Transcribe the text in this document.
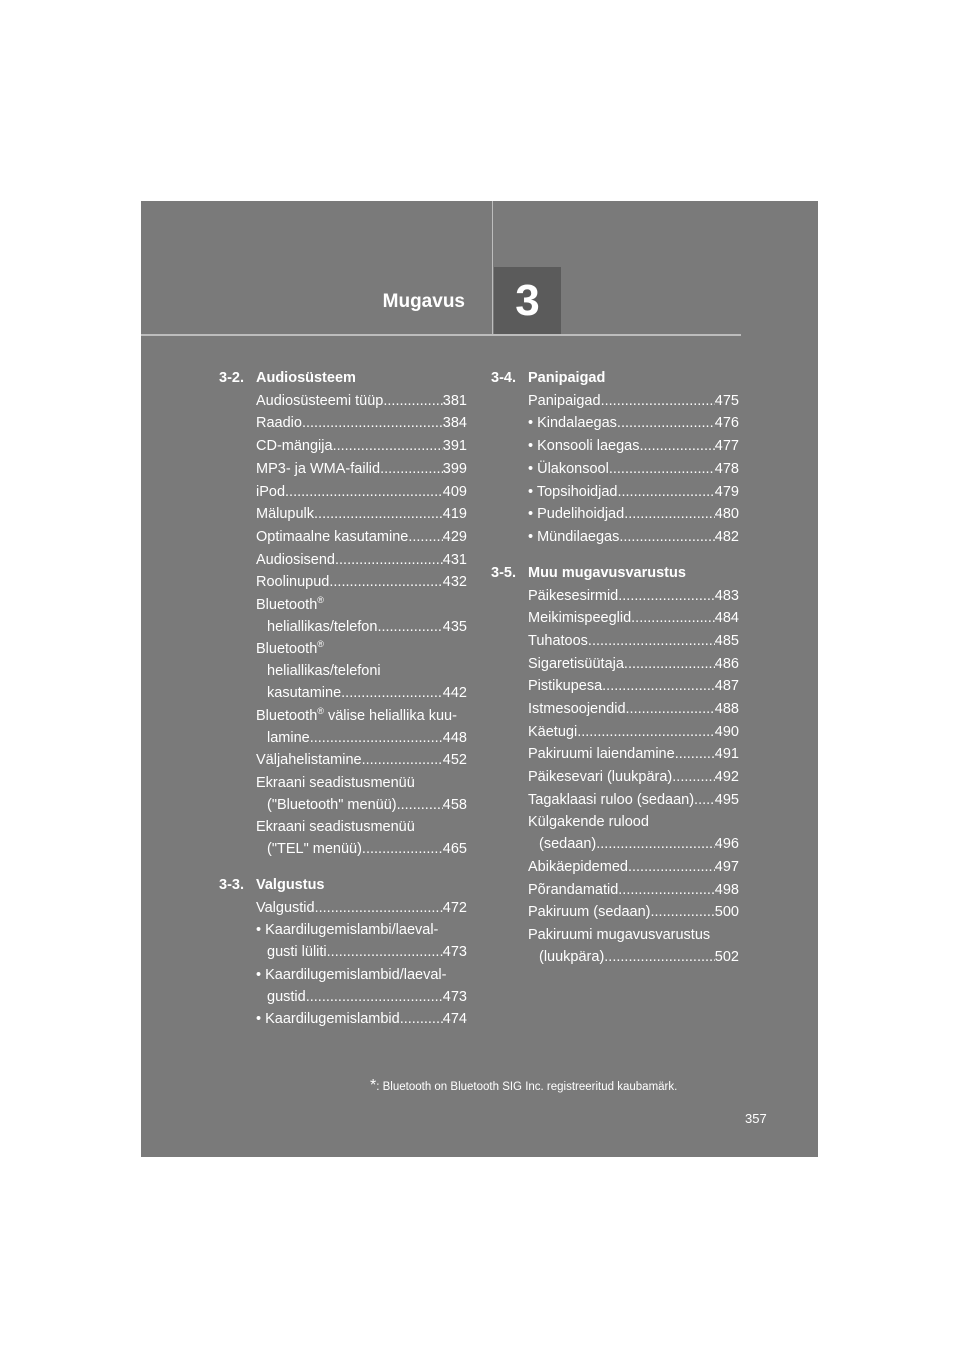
Mugavus 3
3-2. Audiosüsteem
Audiosüsteemi tüüp .....	381
Raadio .....	384
CD-mängija .....	391
MP3- ja WMA-failid .....	399
iPod .....	409
Mälupulk .....	419
Optimaalne kasutamine ..... 429
Audiosisend .....	431
Roolinupud .....	432
Bluetooth®
heliallikas/telefon .....	435
Bluetooth®
heliallikas/telefoni
kasutamine .....	442
Bluetooth® välise heliallika kuu-
lamine .....	448
Väljahelistamine .....	452
Ekraani seadistusmenüü
("Bluetooth" menüü) .....	458
Ekraani seadistusmenüü
("TEL" menüü) .....	465
3-3. Valgustus
Valgustid .....	472
• Kaardilugemislambi/laeval-
gusti lüliti .....	473
• Kaardilugemislambid/laeval-
gustid .....	473
• Kaardilugemislambid .....	474
3-4. Panipaigad
Panipaigad .....	475
• Kindalaegas .....	476
• Konsooli laegas .....	477
• Ülakonsool .....	478
• Topsihoidjad .....	479
• Pudelihoidjad .....	480
• Mündilaegas .....	482
3-5. Muu mugavusvarustus
Päikesesirmid .....	483
Meikimispeeglid .....	484
Tuhatoos .....	485
Sigaretisüütaja .....	486
Pistikupesa .....	487
Istmesoojendid .....	488
Käetugi .....	490
Pakiruumi laiendamine .....	491
Päikesevari (luukpära) .....	492
Tagaklaasi ruloo (sedaan) ..... 495
Külgakende rulood
(sedaan) .....	496
Abikäepidemed .....	497
Põrandamatid .....	498
Pakiruum (sedaan) .....	500
Pakiruumi mugavusvarustus
(luukpära) .....	502
*: Bluetooth on Bluetooth SIG Inc. registreeritud kaubamärk.
357
